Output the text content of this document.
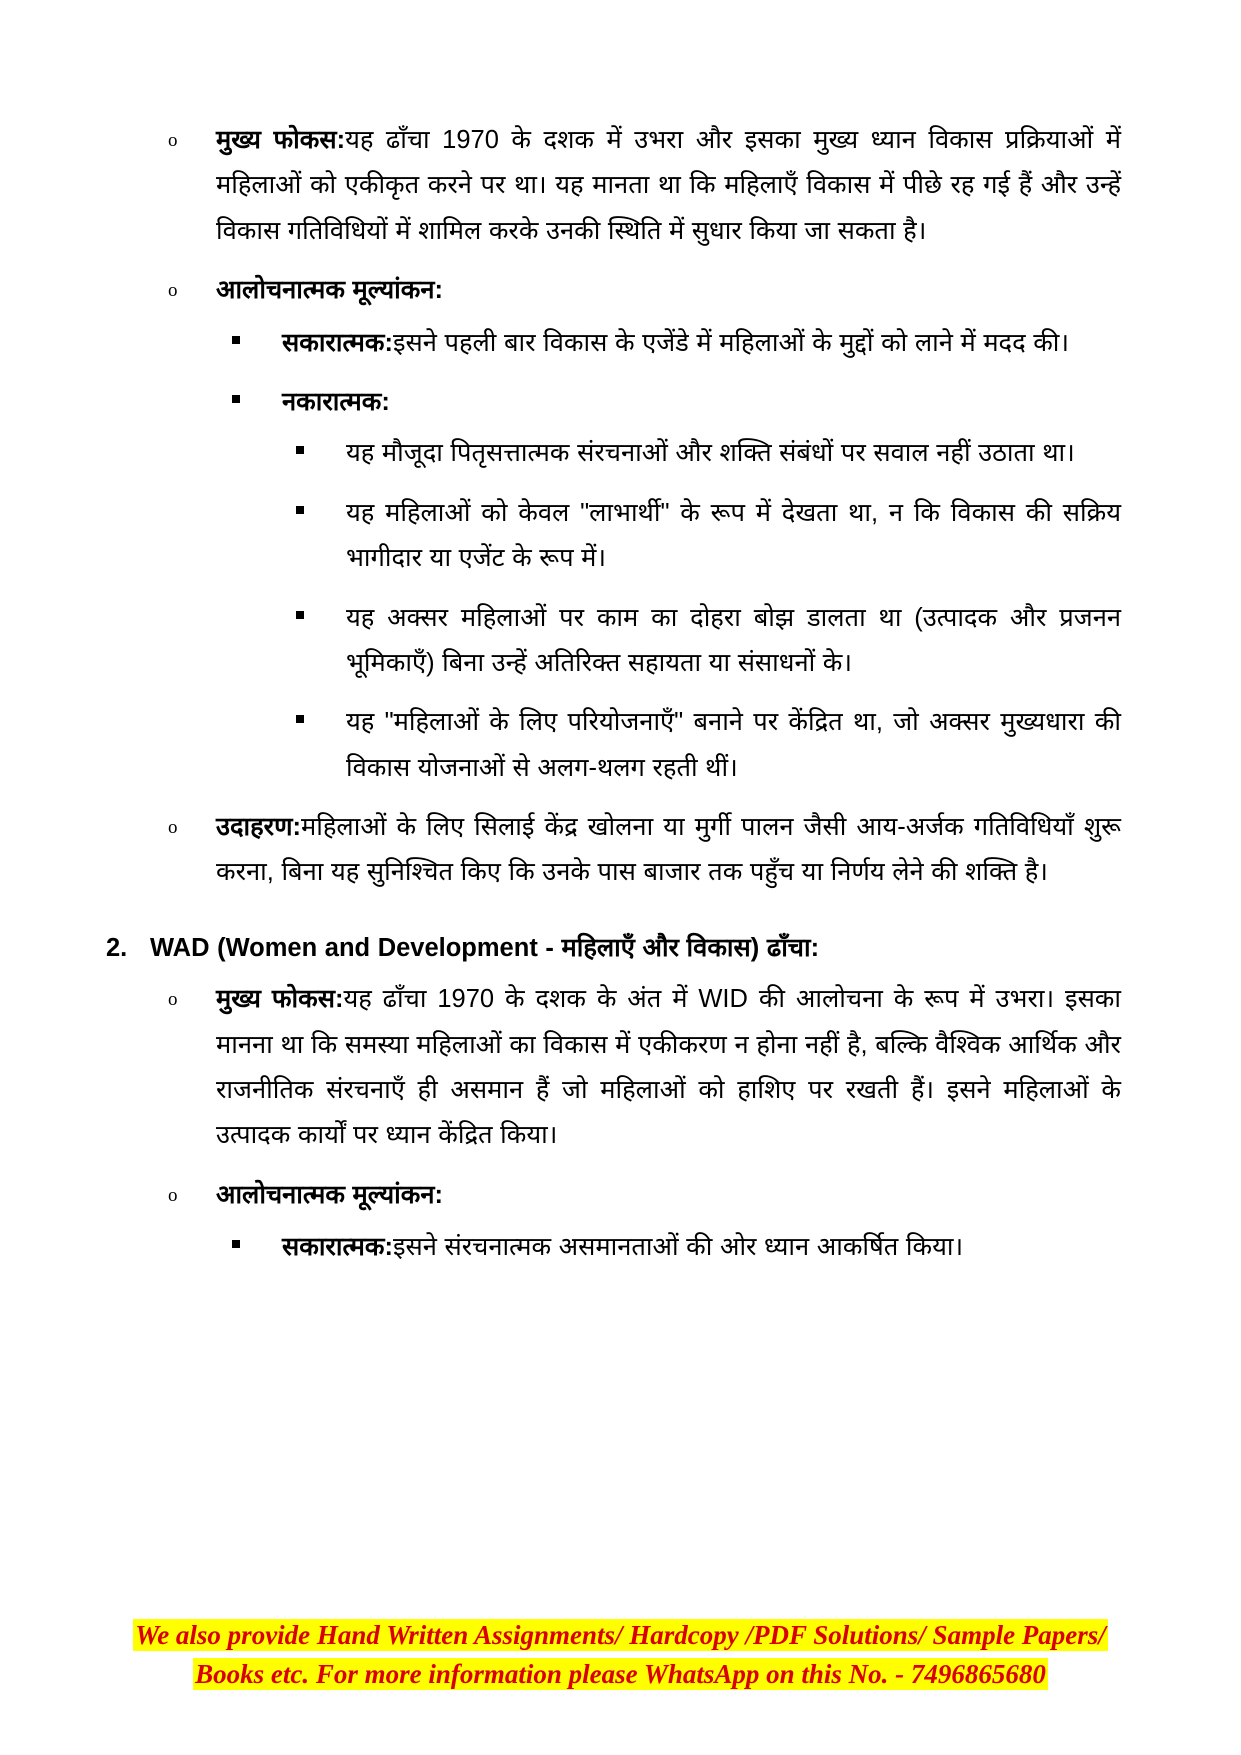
o	मुख्य फोकस:यह ढाँचा 1970 के दशक में उभरा और इसका मुख्य ध्यान विकास प्रक्रियाओं में महिलाओं को एकीकृत करने पर था। यह मानता था कि महिलाएँ विकास में पीछे रह गई हैं और उन्हें विकास गतिविधियों में शामिल करके उनकी स्थिति में सुधार किया जा सकता है।
o	आलोचनात्मक मूल्यांकन:
सकारात्मक:इसने पहली बार विकास के एजेंडे में महिलाओं के मुद्दों को लाने में मदद की।
नकारात्मक:
यह मौजूदा पितृसत्तात्मक संरचनाओं और शक्ति संबंधों पर सवाल नहीं उठाता था।
यह महिलाओं को केवल "लाभार्थी" के रूप में देखता था, न कि विकास की सक्रिय भागीदार या एजेंट के रूप में।
यह अक्सर महिलाओं पर काम का दोहरा बोझ डालता था (उत्पादक और प्रजनन भूमिकाएँ) बिना उन्हें अतिरिक्त सहायता या संसाधनों के।
यह "महिलाओं के लिए परियोजनाएँ" बनाने पर केंद्रित था, जो अक्सर मुख्यधारा की विकास योजनाओं से अलग-थलग रहती थीं।
o	उदाहरण:महिलाओं के लिए सिलाई केंद्र खोलना या मुर्गी पालन जैसी आय-अर्जक गतिविधियाँ शुरू करना, बिना यह सुनिश्चित किए कि उनके पास बाजार तक पहुँच या निर्णय लेने की शक्ति है।
2. WAD (Women and Development - महिलाएँ और विकास) ढाँचा:
o	मुख्य फोकस:यह ढाँचा 1970 के दशक के अंत में WID की आलोचना के रूप में उभरा। इसका मानना था कि समस्या महिलाओं का विकास में एकीकरण न होना नहीं है, बल्कि वैश्विक आर्थिक और राजनीतिक संरचनाएँ ही असमान हैं जो महिलाओं को हाशिए पर रखती हैं। इसने महिलाओं के उत्पादक कार्यों पर ध्यान केंद्रित किया।
o	आलोचनात्मक मूल्यांकन:
सकारात्मक:इसने संरचनात्मक असमानताओं की ओर ध्यान आकर्षित किया।
We also provide Hand Written Assignments/ Hardcopy /PDF Solutions/ Sample Papers/
Books etc. For more information please WhatsApp on this No. - 7496865680
